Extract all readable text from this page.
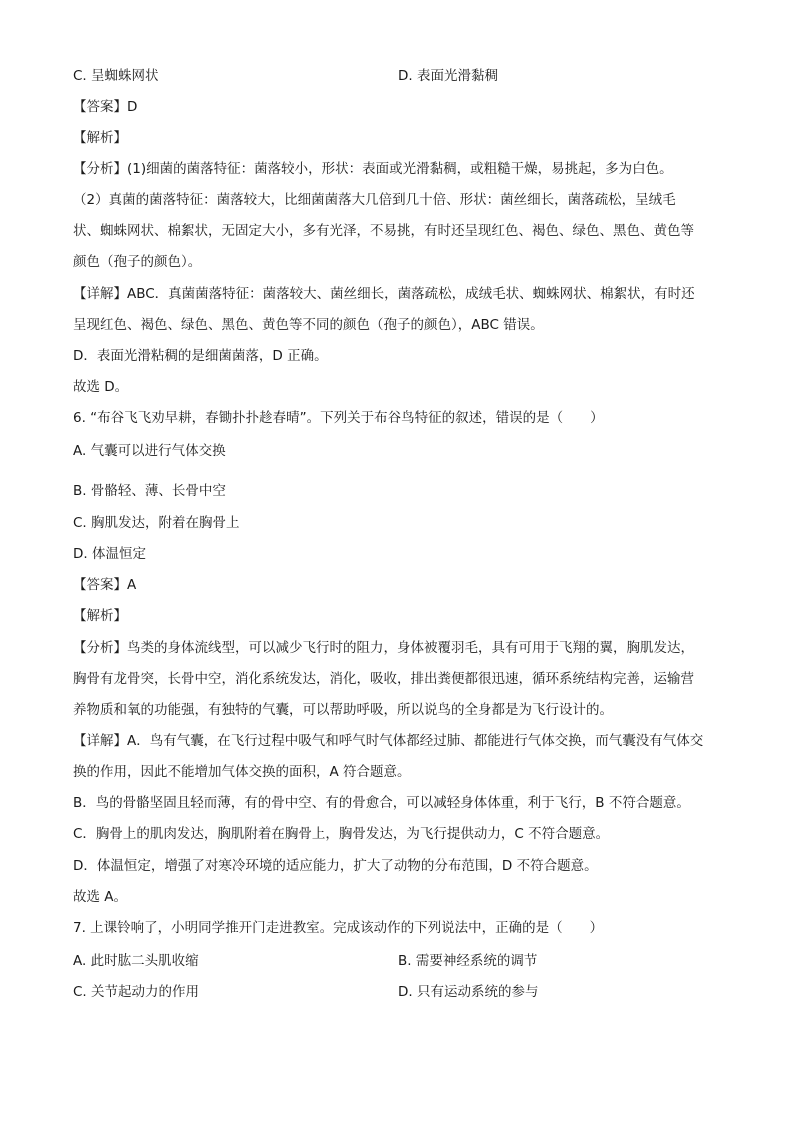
C. 呈蜘蛛网状	D. 表面光滑黏稠
【答案】D
【解析】
【分析】(1)细菌的菌落特征：菌落较小，形状：表面或光滑黏稠，或粗糙干燥，易挑起，多为白色。
（2）真菌的菌落特征：菌落较大，比细菌菌落大几倍到几十倍、形状：菌丝细长，菌落疏松，呈绒毛
状、蜘蛛网状、棉絮状，无固定大小，多有光泽，不易挑，有时还呈现红色、褐色、绿色、黑色、黄色等
颜色（孢子的颜色）。
【详解】ABC．真菌菌落特征：菌落较大、菌丝细长，菌落疏松，成绒毛状、蜘蛛网状、棉絮状，有时还
呈现红色、褐色、绿色、黑色、黄色等不同的颜色（孢子的颜色），ABC 错误。
D．表面光滑粘稠的是细菌菌落，D 正确。
故选 D。
6. “布谷飞飞劝早耕，春锄扑扑趁春晴”。下列关于布谷鸟特征的叙述，错误的是（　　）
A. 气囊可以进行气体交换
B. 骨骼轻、薄、长骨中空
C. 胸肌发达，附着在胸骨上
D. 体温恒定
【答案】A
【解析】
【分析】鸟类的身体流线型，可以减少飞行时的阻力，身体被覆羽毛，具有可用于飞翔的翼，胸肌发达，
胸骨有龙骨突，长骨中空，消化系统发达，消化，吸收，排出粪便都很迅速，循环系统结构完善，运输营
养物质和氧的功能强，有独特的气囊，可以帮助呼吸，所以说鸟的全身都是为飞行设计的。
【详解】A．鸟有气囊，在飞行过程中吸气和呼气时气体都经过肺、都能进行气体交换，而气囊没有气体交
换的作用，因此不能增加气体交换的面积，A 符合题意。
B．鸟的骨骼坚固且轻而薄，有的骨中空、有的骨愈合，可以减轻身体体重，利于飞行，B 不符合题意。
C．胸骨上的肌肉发达，胸肌附着在胸骨上，胸骨发达，为飞行提供动力，C 不符合题意。
D．体温恒定，增强了对寒冷环境的适应能力，扩大了动物的分布范围，D 不符合题意。
故选 A。
7. 上课铃响了，小明同学推开门走进教室。完成该动作的下列说法中，正确的是（　　）
A. 此时肱二头肌收缩	B. 需要神经系统的调节
C. 关节起动力的作用	D. 只有运动系统的参与
